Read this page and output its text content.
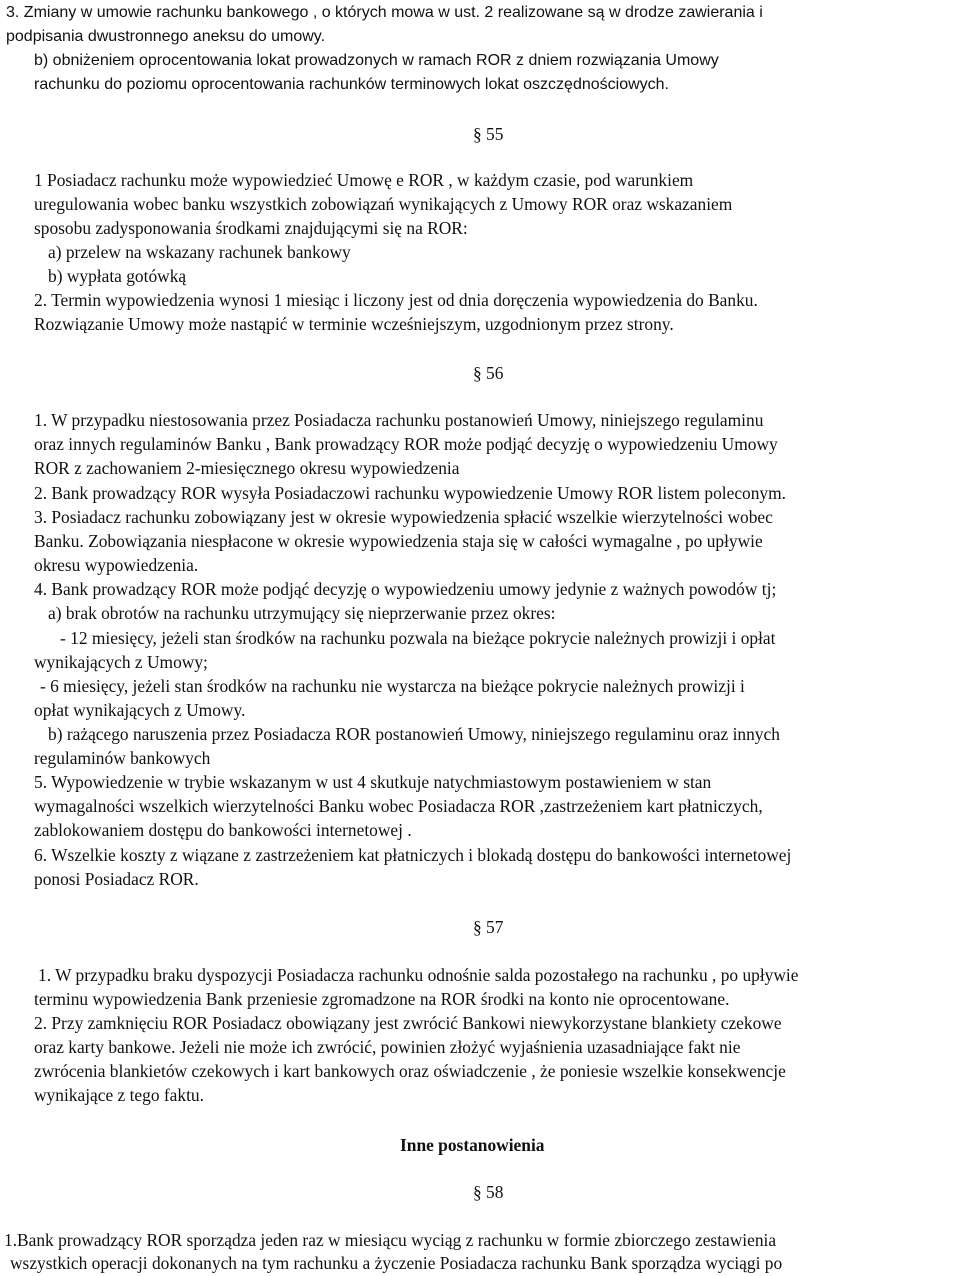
3. Zmiany w umowie rachunku bankowego , o których mowa w ust. 2 realizowane są w drodze zawierania i
podpisania dwustronnego aneksu do umowy.
b) obniżeniem oprocentowania lokat prowadzonych w ramach ROR z dniem rozwiązania Umowy
rachunku do poziomu oprocentowania rachunków terminowych lokat oszczędnościowych.
§ 55
1 Posiadacz rachunku może wypowiedzieć Umowę e ROR , w każdym czasie, pod warunkiem
uregulowania wobec banku wszystkich zobowiązań wynikających z Umowy ROR oraz wskazaniem
sposobu zadysponowania środkami znajdującymi się na ROR:
a) przelew na wskazany rachunek bankowy
b) wypłata gotówką
2. Termin wypowiedzenia wynosi 1 miesiąc i liczony jest od dnia doręczenia wypowiedzenia do Banku.
Rozwiązanie Umowy może nastąpić w terminie wcześniejszym, uzgodnionym przez strony.
§ 56
1. W przypadku niestosowania przez Posiadacza rachunku postanowień Umowy, niniejszego regulaminu
oraz innych regulaminów Banku , Bank prowadzący ROR może podjąć decyzję o wypowiedzeniu Umowy
ROR z zachowaniem 2-miesięcznego okresu wypowiedzenia
2. Bank prowadzący ROR wysyła Posiadaczowi rachunku wypowiedzenie Umowy ROR listem poleconym.
3. Posiadacz rachunku zobowiązany jest w okresie wypowiedzenia spłacić wszelkie wierzytelności wobec
Banku. Zobowiązania niespłacone w okresie wypowiedzenia staja się w całości wymagalne , po upływie
okresu wypowiedzenia.
4. Bank prowadzący ROR może podjąć decyzję o wypowiedzeniu umowy jedynie z ważnych powodów tj;
a) brak obrotów na rachunku utrzymujący się nieprzerwanie przez okres:
- 12 miesięcy, jeżeli stan środków na rachunku pozwala na bieżące pokrycie należnych prowizji i opłat
wynikających z Umowy;
- 6 miesięcy, jeżeli stan środków na rachunku nie wystarcza na bieżące pokrycie należnych prowizji i
opłat wynikających z Umowy.
b) rażącego naruszenia przez Posiadacza ROR postanowień Umowy, niniejszego regulaminu oraz innych
regulaminów bankowych
5. Wypowiedzenie w trybie wskazanym w ust 4 skutkuje natychmiastowym postawieniem w stan
wymagalności wszelkich wierzytelności Banku wobec Posiadacza ROR ,zastrzeżeniem kart płatniczych,
zablokowaniem dostępu do bankowości internetowej .
6. Wszelkie koszty z wiązane z zastrzeżeniem kat płatniczych i blokadą dostępu do bankowości internetowej
ponosi Posiadacz ROR.
§ 57
1. W przypadku braku dyspozycji Posiadacza rachunku odnośnie salda pozostałego na rachunku , po upływie
terminu wypowiedzenia Bank przeniesie zgromadzone na ROR środki na konto nie oprocentowane.
2. Przy zamknięciu ROR Posiadacz obowiązany jest zwrócić Bankowi niewykorzystane blankiety czekowe
oraz karty bankowe. Jeżeli nie może ich zwrócić, powinien złożyć wyjaśnienia uzasadniające fakt nie
zwrócenia blankietów czekowych i kart bankowych oraz oświadczenie , że poniesie wszelkie konsekwencje
wynikające z tego faktu.
Inne postanowienia
§ 58
1.Bank prowadzący ROR sporządza jeden raz w miesiącu wyciąg z rachunku w formie zbiorczego zestawienia
wszystkich operacji dokonanych na tym rachunku a życzenie Posiadacza rachunku Bank sporządza wyciągi po
